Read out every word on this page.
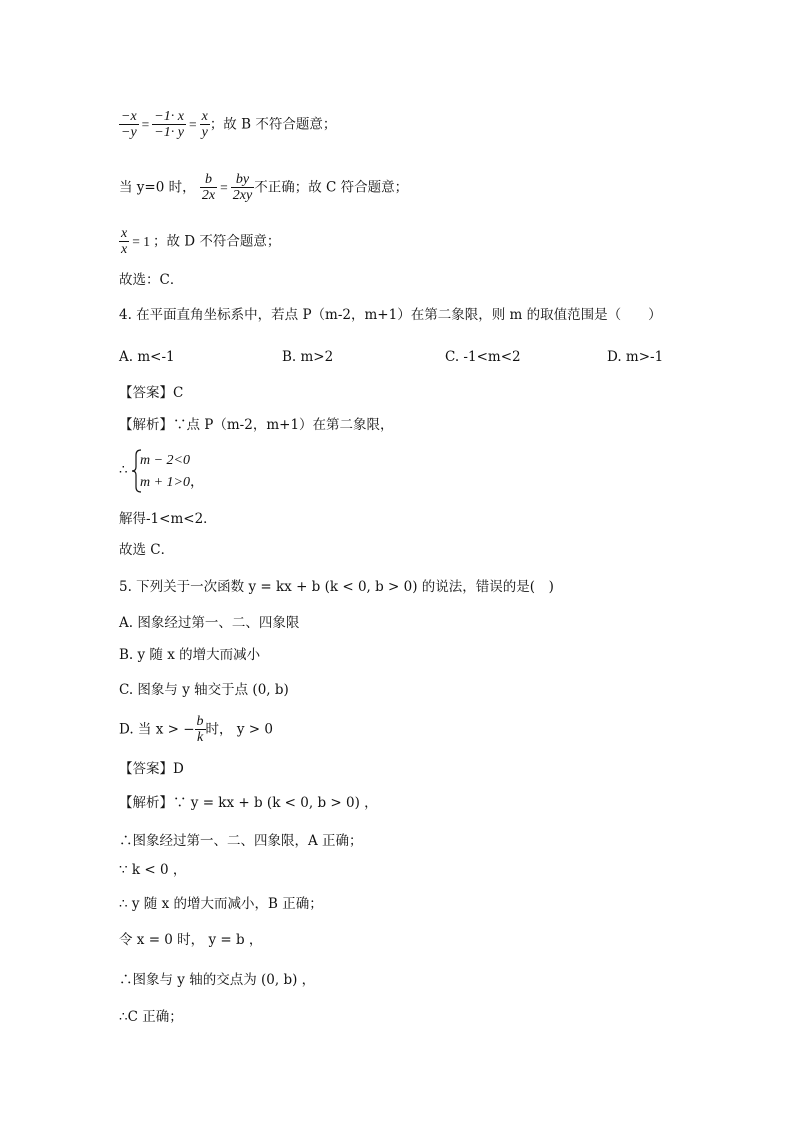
$\frac{-x}{-y} = \frac{-1\cdot x}{-1\cdot y} = \frac{x}{y}$ ；故 B 不符合题意；
当 y=0 时， $\frac{b}{2x} = \frac{by}{2xy}$ 不正确；故 C 符合题意；
$\frac{x}{x} = 1$ ；故 D 不符合题意；
故选：C．
4. 在平面直角坐标系中，若点 P（m-2，m+1）在第二象限，则 m 的取值范围是（　　）
A. m<-1	B. m>2	C. -1<m<2	D. m>-1
【答案】C
【解析】∵点 P（m-2，m+1）在第二象限，
∴
m − 2<0
m + 1>0，
解得-1<m<2．
故选 C．
5. 下列关于一次函数 y = kx + b (k < 0, b > 0) 的说法，错误的是(　)
A. 图象经过第一、二、四象限
B. y 随 x 的增大而减小
C. 图象与 y 轴交于点 (0, b)
D. 当 x > − $\frac{b}{k}$ 时， y > 0
【答案】D
【解析】∵ y = kx + b (k < 0, b > 0) ，
∴图象经过第一、二、四象限，A 正确；
∵ k < 0 ，
∴ y 随 x 的增大而减小，B 正确；
令 x = 0 时， y = b ，
∴图象与 y 轴的交点为 (0, b) ，
∴C 正确；
